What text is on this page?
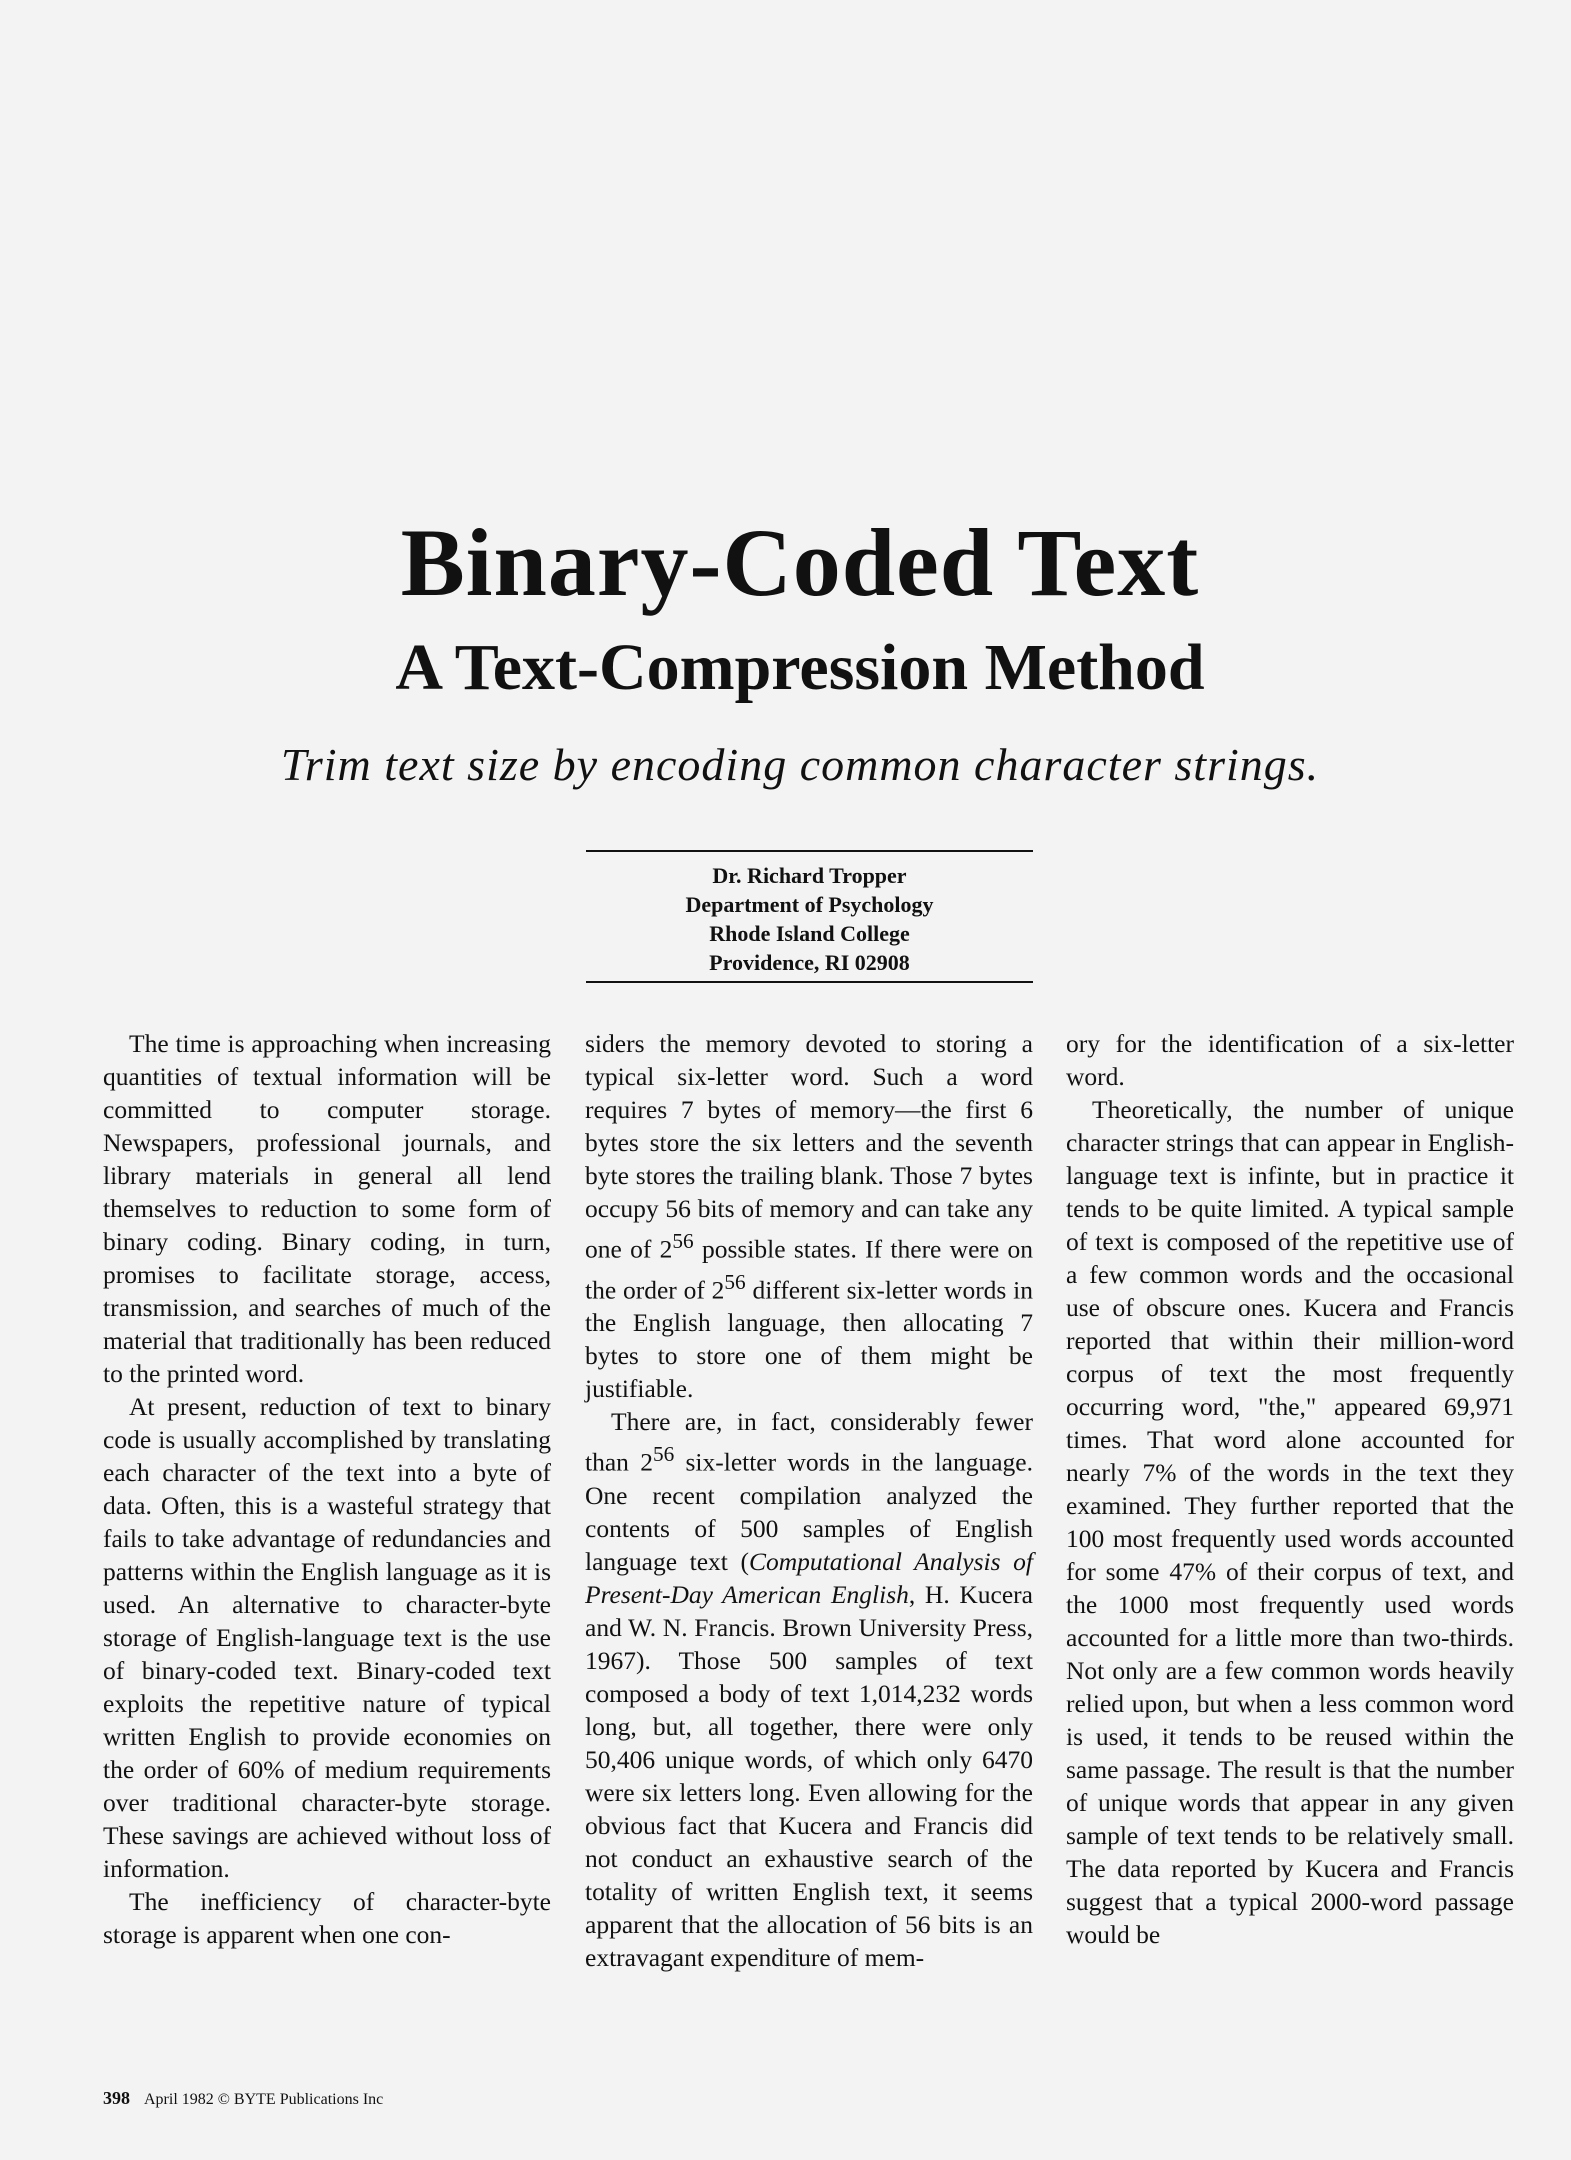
Binary-Coded Text
A Text-Compression Method
Trim text size by encoding common character strings.
Dr. Richard Tropper
Department of Psychology
Rhode Island College
Providence, RI 02908

The time is approaching when increasing quantities of textual information will be committed to computer storage. Newspapers, professional journals, and library materials in general all lend themselves to reduction to some form of binary coding. Binary coding, in turn, promises to facilitate storage, access, transmission, and searches of much of the material that traditionally has been reduced to the printed word.

At present, reduction of text to binary code is usually accomplished by translating each character of the text into a byte of data. Often, this is a wasteful strategy that fails to take advantage of redundancies and patterns within the English language as it is used. An alternative to character-byte storage of English-language text is the use of binary-coded text. Binary-coded text exploits the repetitive nature of typical written English to provide economies on the order of 60% of medium requirements over traditional character-byte storage. These savings are achieved without loss of information.

The inefficiency of character-byte storage is apparent when one con-

siders the memory devoted to storing a typical six-letter word. Such a word requires 7 bytes of memory—the first 6 bytes store the six letters and the seventh byte stores the trailing blank. Those 7 bytes occupy 56 bits of memory and can take any one of $2^{56}$ possible states. If there were on the order of $2^{56}$ different six-letter words in the English language, then allocating 7 bytes to store one of them might be justifiable.

There are, in fact, considerably fewer than $2^{56}$ six-letter words in the language. One recent compilation analyzed the contents of 500 samples of English language text (Computational Analysis of Present-Day American English, H. Kucera and W. N. Francis. Brown University Press, 1967). Those 500 samples of text composed a body of text 1,014,232 words long, but, all together, there were only 50,406 unique words, of which only 6470 were six letters long. Even allowing for the obvious fact that Kucera and Francis did not conduct an exhaustive search of the totality of written English text, it seems apparent that the allocation of 56 bits is an extravagant expenditure of mem-

ory for the identification of a six-letter word.

Theoretically, the number of unique character strings that can appear in English-language text is infinte, but in practice it tends to be quite limited. A typical sample of text is composed of the repetitive use of a few common words and the occasional use of obscure ones. Kucera and Francis reported that within their million-word corpus of text the most frequently occurring word, "the," appeared 69,971 times. That word alone accounted for nearly 7% of the words in the text they examined. They further reported that the 100 most frequently used words accounted for some 47% of their corpus of text, and the 1000 most frequently used words accounted for a little more than two-thirds. Not only are a few common words heavily relied upon, but when a less common word is used, it tends to be reused within the same passage. The result is that the number of unique words that appear in any given sample of text tends to be relatively small. The data reported by Kucera and Francis suggest that a typical 2000-word passage would be

398 April 1982 © BYTE Publications Inc
